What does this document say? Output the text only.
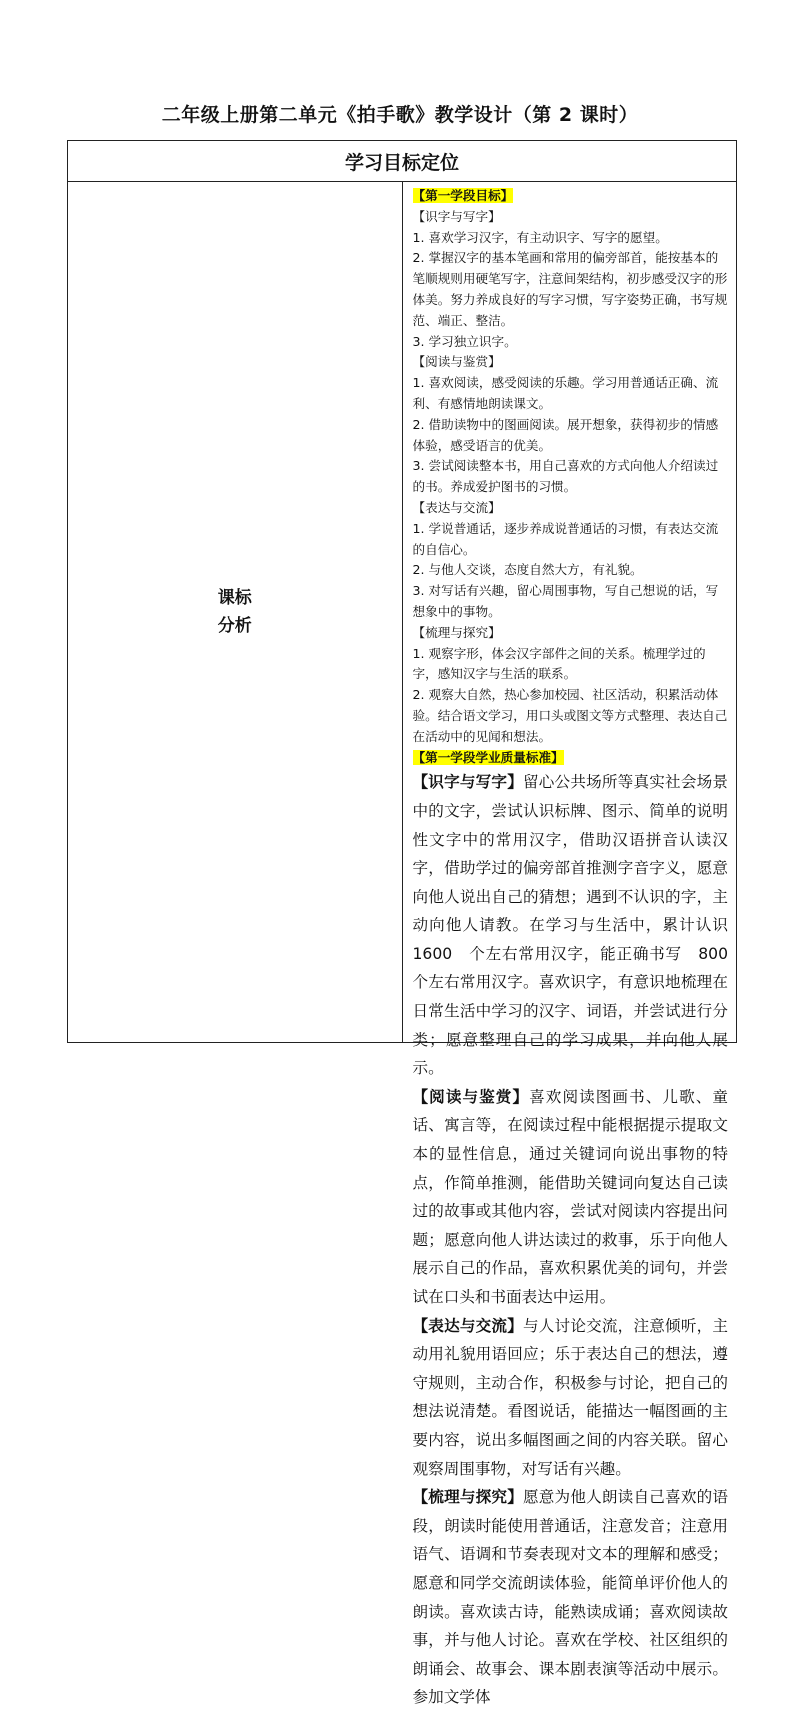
二年级上册第二单元《拍手歌》教学设计（第 2 课时）
学习目标定位
课标分析	

【第一学段目标】

【识字与写字】

1. 喜欢学习汉字，有主动识字、写字的愿望。

2. 掌握汉字的基本笔画和常用的偏旁部首，能按基本的笔顺规则用硬笔写字，注意间架结构，初步感受汉字的形体美。努力养成良好的写字习惯，写字姿势正确，书写规范、端正、整洁。

3. 学习独立识字。

【阅读与鉴赏】

1. 喜欢阅读，感受阅读的乐趣。学习用普通话正确、流利、有感情地朗读课文。

2. 借助读物中的图画阅读。展开想象，获得初步的情感体验，感受语言的优美。

3. 尝试阅读整本书，用自己喜欢的方式向他人介绍读过的书。养成爱护图书的习惯。

【表达与交流】

1. 学说普通话，逐步养成说普通话的习惯，有表达交流的自信心。

2. 与他人交谈，态度自然大方，有礼貌。

3. 对写话有兴趣，留心周围事物，写自己想说的话，写想象中的事物。

【梳理与探究】

1. 观察字形，体会汉字部件之间的关系。梳理学过的字，感知汉字与生活的联系。

2. 观察大自然，热心参加校园、社区活动，积累活动体验。结合语文学习，用口头或图文等方式整理、表达自己在活动中的见闻和想法。

【第一学段学业质量标准】

【识字与写字】留心公共场所等真实社会场景中的文字，尝试认识标牌、图示、简单的说明性文字中的常用汉字，借助汉语拼音认读汉字，借助学过的偏旁部首推测字音字义，愿意向他人说出自己的猜想；遇到不认识的字，主动向他人请教。在学习与生活中，累计认识　1600　个左右常用汉字，能正确书写　800 个左右常用汉字。喜欢识字，有意识地梳理在日常生活中学习的汉字、词语，并尝试进行分类；愿意整理自己的学习成果，并向他人展示。

【阅读与鉴赏】喜欢阅读图画书、儿歌、童话、寓言等，在阅读过程中能根据提示提取文本的显性信息，通过关键词向说出事物的特点，作简单推测，能借助关键词向复达自己读过的故事或其他内容，尝试对阅读内容提出问题；愿意向他人讲达读过的救事，乐于向他人展示自己的作品，喜欢积累优美的词句，并尝试在口头和书面表达中运用。

【表达与交流】与人讨论交流，注意倾听，主动用礼貌用语回应；乐于表达自己的想法，遵守规则，主动合作，积极参与讨论，把自己的想法说清楚。看图说话，能描达一幅图画的主要内容，说出多幅图画之间的内容关联。留心观察周围事物，对写话有兴趣。

【梳理与探究】愿意为他人朗读自己喜欢的语段，朗读时能使用普通话，注意发音；注意用语气、语调和节奏表现对文本的理解和感受；愿意和同学交流朗读体验，能简单评价他人的朗读。喜欢读古诗，能熟读成诵；喜欢阅读故事，并与他人讨论。喜欢在学校、社区组织的朗诵会、故事会、课本剧表演等活动中展示。参加文学体
